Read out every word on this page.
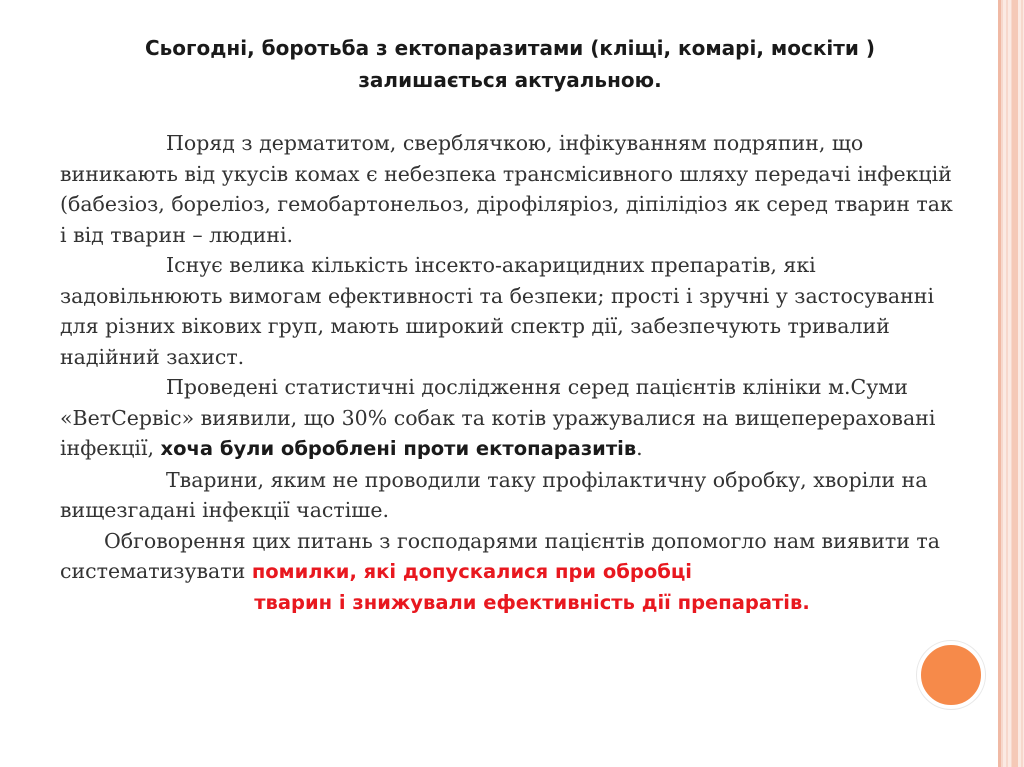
Сьогодні, боротьба з ектопаразитами (кліщі, комарі, москіти )
залишається актуальною.

Поряд з дерматитом, сверблячкою, інфікуванням подряпин, що виникають від укусів комах є небезпека трансмісивного шляху передачі інфекцій (бабезіоз, бореліоз, гемобартонельоз, дірофіляріоз, діпілідіоз як серед тварин так і від тварин – людині.

Існує велика кількість інсекто-акарицидних препаратів, які задовільнюють вимогам ефективності та безпеки; прості і зручні у застосуванні для різних вікових груп, мають широкий спектр дії, забезпечують тривалий надійний захист.

Проведені статистичні дослідження серед пацієнтів клініки м.Суми «ВетСервіс» виявили, що 30% собак та котів уражувалися на вищеперераховані інфекції, хоча були оброблені проти ектопаразитів.

Тварини, яким не проводили таку профілактичну обробку, хворіли на вищезгадані інфекції частіше.

Обговорення цих питань з господарями пацієнтів допомогло нам виявити та систематизувати помилки, які допускалися при обробці
тварин і знижували ефективність дії препаратів.
